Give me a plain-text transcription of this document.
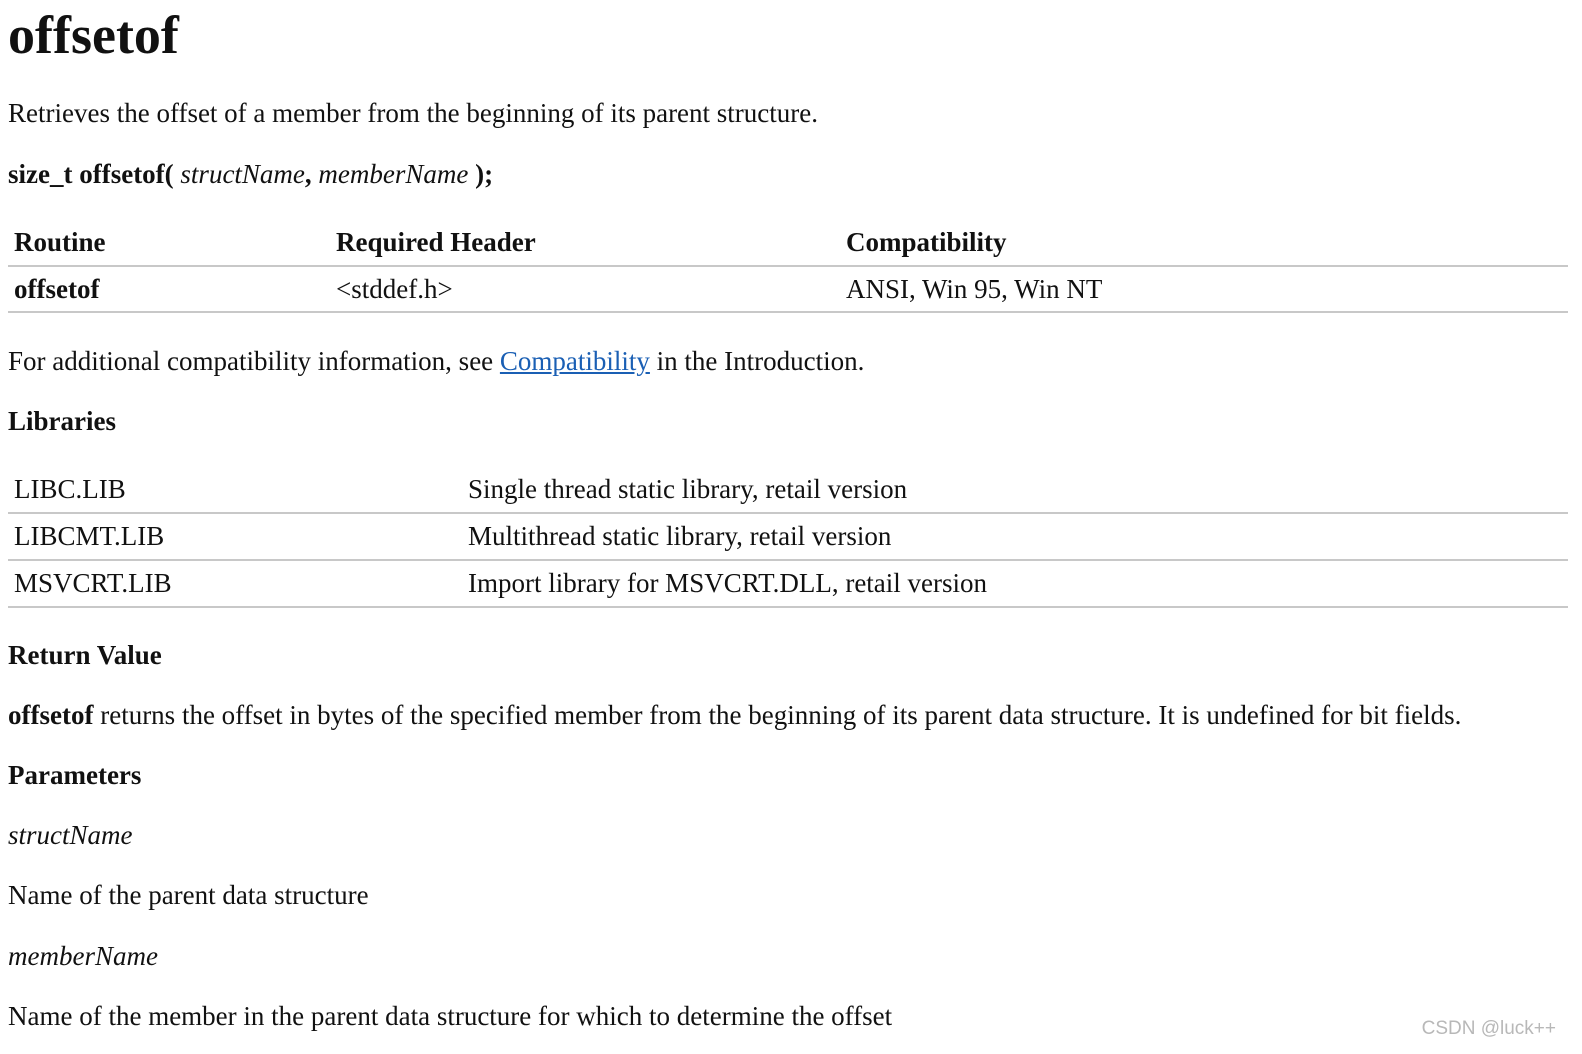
offsetof
Retrieves the offset of a member from the beginning of its parent structure.
size_t offsetof( structName, memberName );
Routine	Required Header	Compatibility
offsetof	<stddef.h>	ANSI, Win 95, Win NT
For additional compatibility information, see Compatibility in the Introduction.
Libraries
LIBC.LIB	Single thread static library, retail version
LIBCMT.LIB	Multithread static library, retail version
MSVCRT.LIB	Import library for MSVCRT.DLL, retail version
Return Value
offsetof returns the offset in bytes of the specified member from the beginning of its parent data structure. It is undefined for bit fields.
Parameters
structName
Name of the parent data structure
memberName
Name of the member in the parent data structure for which to determine the offset	CSDN @luck++
